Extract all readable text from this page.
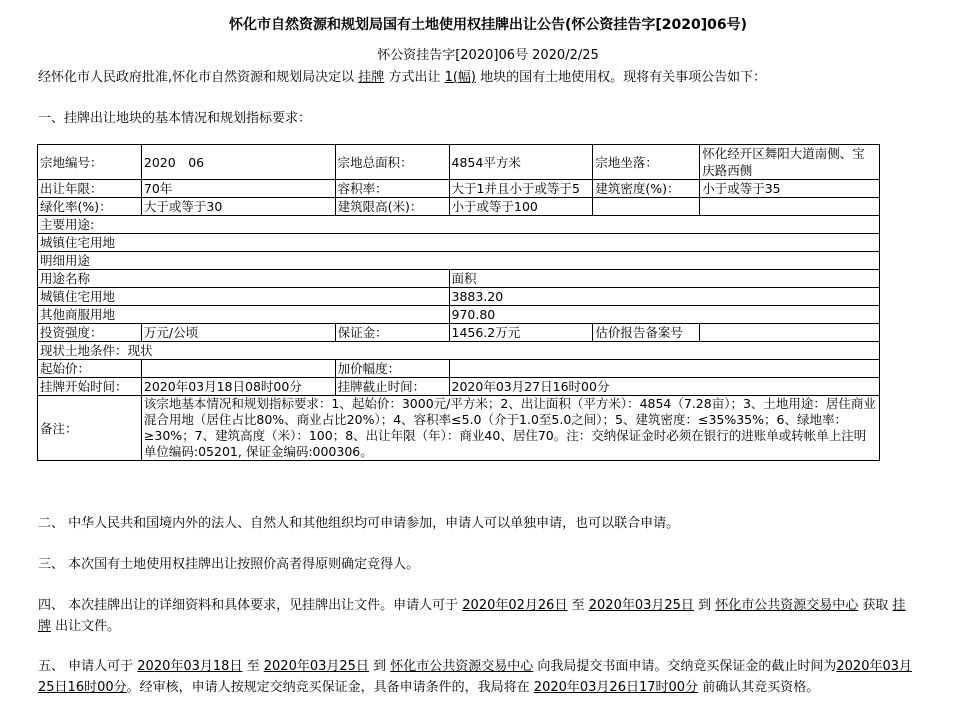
怀化市自然资源和规划局国有土地使用权挂牌出让公告(怀公资挂告字[2020]06号)
怀公资挂告字[2020]06号 2020/2/25
经怀化市人民政府批准,怀化市自然资源和规划局决定以 挂牌 方式出让 1(幅) 地块的国有土地使用权。现将有关事项公告如下：
一、挂牌出让地块的基本情况和规划指标要求：
宗地编号：	2020　06	宗地总面积：	4854平方米	宗地坐落：	怀化经开区舞阳大道南侧、宝庆路西侧
出让年限：	70年	容积率：	大于1并且小于或等于5	建筑密度(%)：	小于或等于35
绿化率(%)：	大于或等于30	建筑限高(米)：	小于或等于100		
主要用途:					
城镇住宅用地					
明细用途					
用途名称			面积		
城镇住宅用地			3883.20		
其他商服用地			970.80		
投资强度：	万元/公顷	保证金：	1456.2万元	估价报告备案号	
现状土地条件：现状					
起始价：		加价幅度：			
挂牌开始时间：	2020年03月18日08时00分	挂牌截止时间：	2020年03月27日16时00分		
备注：	该宗地基本情况和规划指标要求：1、起始价：3000元/平方米；2、出让面积（平方米）：4854（7.28亩）；3、土地用途：居住商业混合用地（居住占比80%、商业占比20%）；4、容积率≤5.0（介于1.0至5.0之间）；5、建筑密度：≤35%35%；6、绿地率：≥30%；7、建筑高度（米）：100；8、出让年限（年）：商业40、居住70。注：交纳保证金时必须在银行的进账单或转帐单上注明单位编码:05201, 保证金编码:000306。				
二、 中华人民共和国境内外的法人、自然人和其他组织均可申请参加，申请人可以单独申请，也可以联合申请。
三、 本次国有土地使用权挂牌出让按照价高者得原则确定竞得人。
四、 本次挂牌出让的详细资料和具体要求，见挂牌出让文件。申请人可于 2020年02月26日 至 2020年03月25日 到 怀化市公共资源交易中心 获取 挂牌 出让文件。
五、 申请人可于 2020年03月18日 至 2020年03月25日 到 怀化市公共资源交易中心 向我局提交书面申请。交纳竞买保证金的截止时间为2020年03月25日16时00分。经审核，申请人按规定交纳竞买保证金，具备申请条件的，我局将在 2020年03月26日17时00分 前确认其竞买资格。
